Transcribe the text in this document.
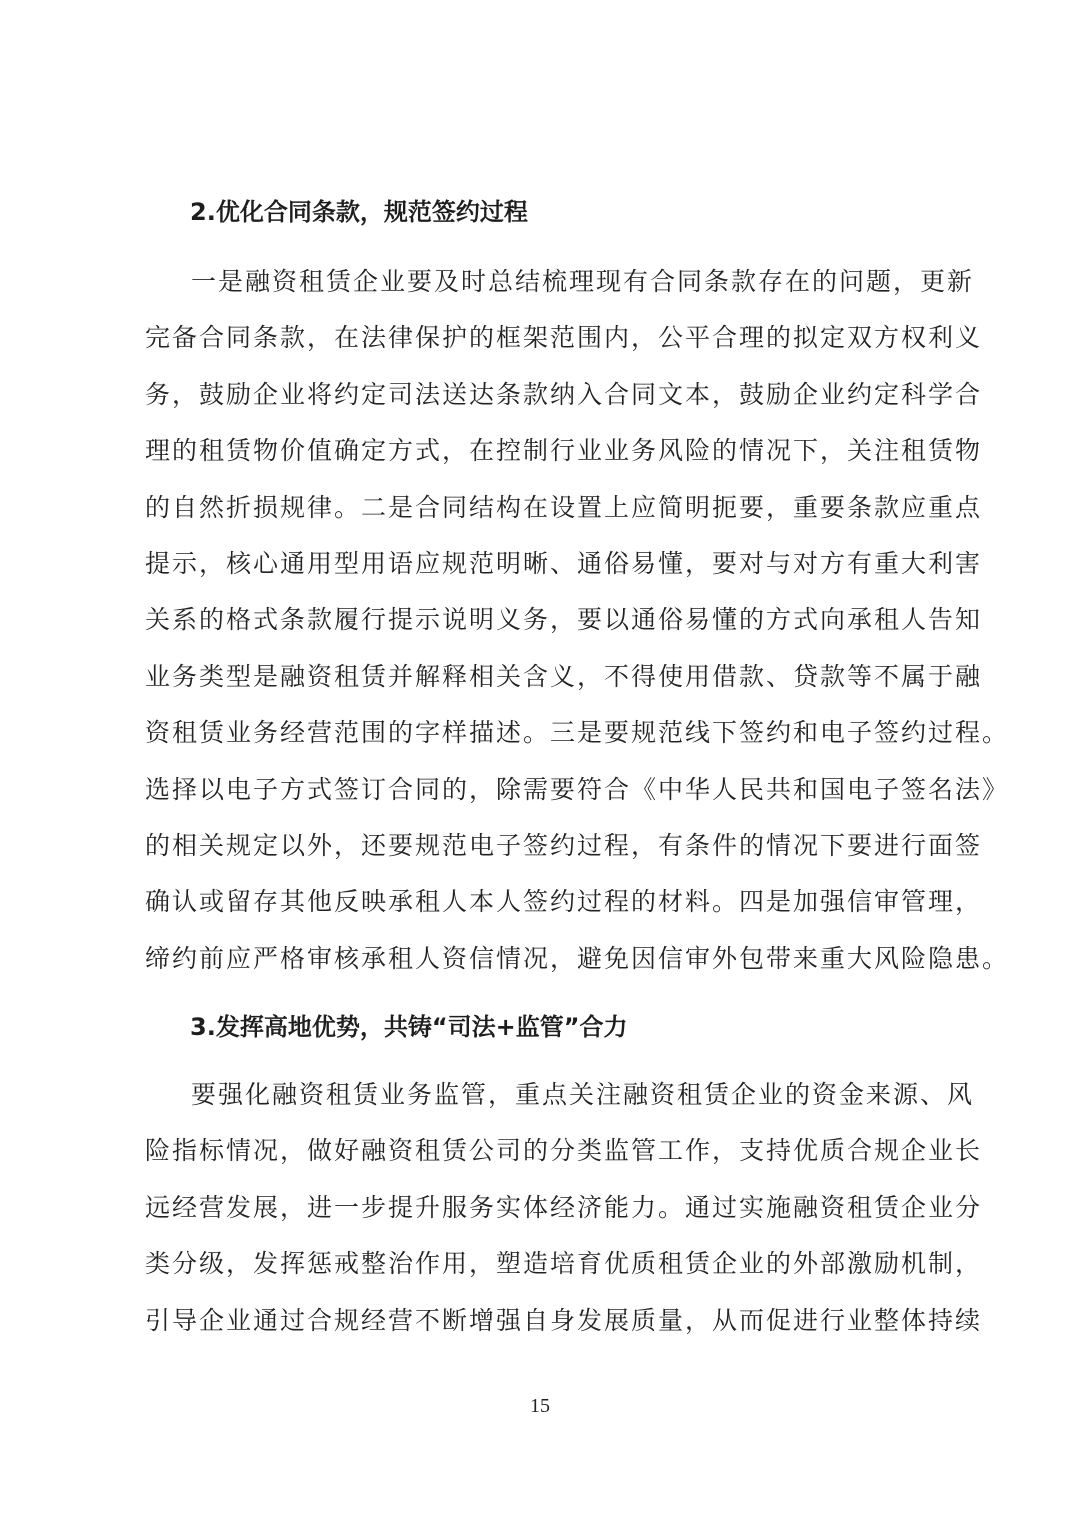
2.优化合同条款，规范签约过程
一是融资租赁企业要及时总结梳理现有合同条款存在的问题，更新
完备合同条款，在法律保护的框架范围内，公平合理的拟定双方权利义
务，鼓励企业将约定司法送达条款纳入合同文本，鼓励企业约定科学合
理的租赁物价值确定方式，在控制行业业务风险的情况下，关注租赁物
的自然折损规律。二是合同结构在设置上应简明扼要，重要条款应重点
提示，核心通用型用语应规范明晰、通俗易懂，要对与对方有重大利害
关系的格式条款履行提示说明义务，要以通俗易懂的方式向承租人告知
业务类型是融资租赁并解释相关含义，不得使用借款、贷款等不属于融
资租赁业务经营范围的字样描述。三是要规范线下签约和电子签约过程。
选择以电子方式签订合同的，除需要符合《中华人民共和国电子签名法》
的相关规定以外，还要规范电子签约过程，有条件的情况下要进行面签
确认或留存其他反映承租人本人签约过程的材料。四是加强信审管理，
缔约前应严格审核承租人资信情况，避免因信审外包带来重大风险隐患。
3.发挥高地优势，共铸“司法+监管”合力
要强化融资租赁业务监管，重点关注融资租赁企业的资金来源、风
险指标情况，做好融资租赁公司的分类监管工作，支持优质合规企业长
远经营发展，进一步提升服务实体经济能力。通过实施融资租赁企业分
类分级，发挥惩戒整治作用，塑造培育优质租赁企业的外部激励机制，
引导企业通过合规经营不断增强自身发展质量，从而促进行业整体持续
15
